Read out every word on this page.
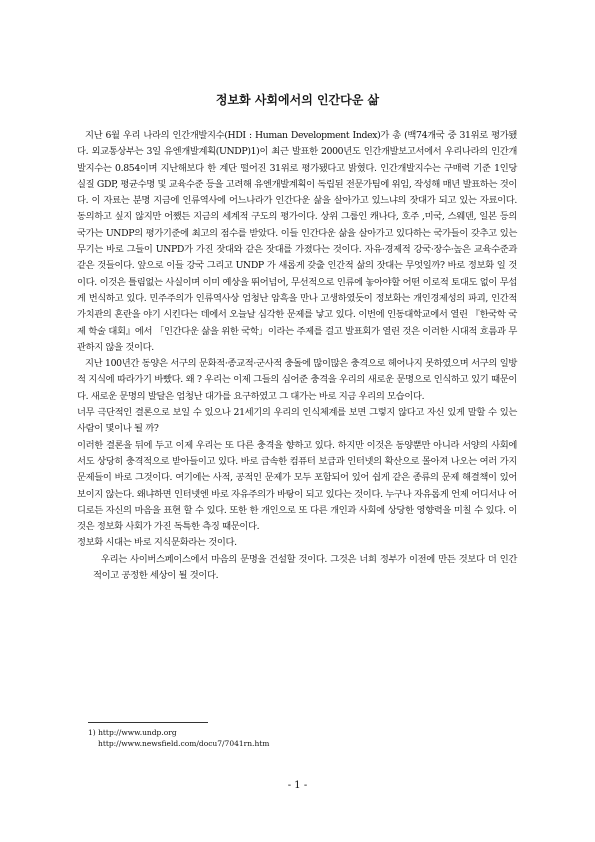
정보화 사회에서의 인간다운 삶

지난 6월 우리 나라의 인간개발지수(HDI : Human Development Index)가 총 (백74개국 중 31위로 평가됐다. 외교통상부는 3일 유엔개발계획(UNDP)1)이 최근 발표한 2000년도 인간개발보고서에서 우리나라의 인간개발지수는 0.854이며 지난해보다 한 계단 떨어진 31위로 평가됐다고 밝혔다. 인간개발지수는 구매력 기준 1인당 실질 GDP, 평균수명 및 교육수준 등을 고려해 유엔개발계획이 독립된 전문가팀에 위임, 작성해 매년 발표하는 것이다. 이 자료는 분명 지금에 인류역사에 어느나라가 인간다운 삶을 살아가고 있느냐의 잣대가 되고 있는 자료이다. 동의하고 싶지 않지만 어쨌든 지금의 세계적 구도의 평가이다. 상위 그룹인 캐나다, 호주 ,미국, 스웨덴, 일본 등의 국가는 UNDP의 평가기준에 최고의 점수를 받았다. 이들 인간다운 삶을 살아가고 있다하는 국가들이 갖추고 있는 무기는 바로 그들이 UNPD가 가진 잣대와 같은 잣대를 가졌다는 것이다. 자유·경제적 강국·장수·높은 교육수준과 같은 것들이다. 앞으로 이들 강국 그리고 UNDP 가 새롭게 갖출 인간적 삶의 잣대는 무엇일까? 바로 정보화 일 것이다. 이것은 틀림없는 사실이며 이미 예상을 뛰어넘어, 무선적으로 인류에 놓아야할 어떤 이로적 토대도 없이 무섭게 번식하고 있다. 민주주의가 인류역사상 엄청난 암흑을 만나 고생하였듯이 정보화는 개인경제성의 파괴, 인간적 가치관의 혼란을 야기 시킨다는 데에서 오늘날 심각한 문제를 낳고 있다. 이번에 인동대학교에서 열린 『한국학 국제 학술 대회』에서 「인간다운 삶을 위한 국학」이라는 주제를 걸고 발표회가 열린 것은 이러한 시대적 흐름과 무관하지 않을 것이다.

지난 100년간 동양은 서구의 문화적·종교적·군사적 충돌에 많이많은 충격으로 헤어나지 못하였으며 서구의 일방적 지식에 따라가기 바빴다. 왜 ? 우리는 이제 그들의 심어준 충격을 우리의 새로운 문명으로 인식하고 있기 때문이다. 새로운 문명의 발달은 엄청난 대가를 요구하였고 그 대가는 바로 지금 우리의 모습이다.

너무 극단적인 결론으로 보일 수 있으나 21세기의 우리의 인식체계를 보면 그렇지 않다고 자신 있게 말할 수 있는 사람이 몇이나 될 까?

이러한 결론을 뒤에 두고 이제 우리는 또 다른 충격을 향하고 있다. 하지만 이것은 동양뿐만 아니라 서양의 사회에서도 상당히 충격적으로 받아들이고 있다. 바로 급속한 컴퓨터 보급과 인터넷의 확산으로 몰아져 나오는 여러 가지 문제들이 바로 그것이다. 여기에는 사적, 공적인 문제가 모두 포함되어 있어 쉽게 같은 종류의 문제 해결책이 있어 보이지 않는다. 왜냐하면 인터넷엔 바로 자유주의가 바탕이 되고 있다는 것이다. 누구나 자유롭게 언제 어디서나 어디로든 자신의 마음을 표현 할 수 있다. 또한 한 개인으로 또 다른 개인과 사회에 상당한 영향력을 미칠 수 있다. 이것은 정보화 사회가 가진 독특한 측징 때문이다.

정보화 시대는 바로 지식문화라는 것이다.

우리는 사이버스페이스에서 마음의 문명을 건설할 것이다. 그것은 너희 정부가 이전에 만든 것보다 더 인간적이고 공정한 세상이 될 것이다.

1) http://www.undp.org
http://www.newsfield.com/docu7/7041rn.htm
- 1 -
